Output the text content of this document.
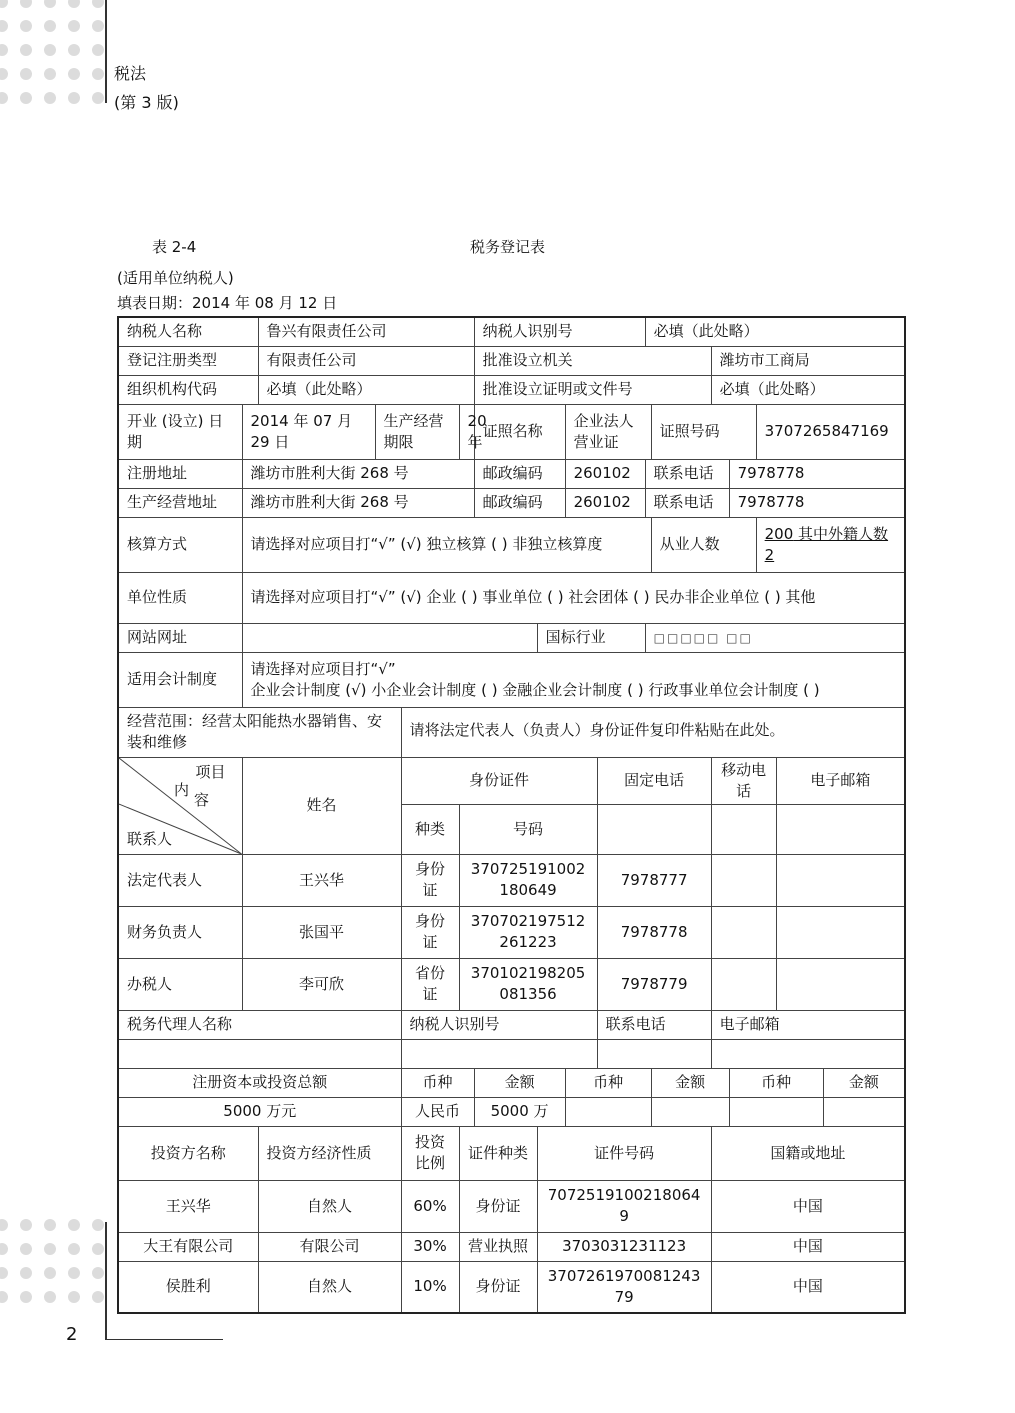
税法
(第 3 版)
表 2-4	税务登记表
(适用单位纳税人)
填表日期：2014 年 08 月 12 日
纳税人名称		鲁兴有限责任公司				纳税人识别号				必填（此处略）						
登记注册类型		有限责任公司				批准设立机关						潍坊市工商局				
组织机构代码		必填（此处略）				批准设立证明或文件号						必填（此处略）				
开业 (设立) 日期	2014 年 07 月 29 日		生产经营期限		20 年	证照名称		企业法人营业证			证照号码			3707265847169		
注册地址	潍坊市胜利大街 268 号					邮政编码		260102		联系电话			7978778			
生产经营地址	潍坊市胜利大街 268 号					邮政编码		260102		联系电话			7978778			
核算方式	请选择对应项目打“√” (√) 独立核算 ( ) 非独立核算度										从业人数			200 其中外籍人数 2		
单位性质	请选择对应项目打“√” (√) 企业 ( ) 事业单位 ( ) 社会团体 ( ) 民办非企业单位 ( ) 其他															
网站网址							国标行业			□□□□□ □□						
适用会计制度	请选择对应项目打“√”
企业会计制度 (√) 小企业会计制度 ( ) 金融企业会计制度 ( ) 行政事业单位会计制度 ( )															

经营范围：经营太阳能热水器销售、安装和维修				请将法定代表人（负责人）身份证件复印件粘贴在此处。												

项目
内
容
联系人	姓名			身份证件					固定电话			移动电话			电子邮箱	
				种类	号码											
法定代表人	王兴华			身份证	370725191002180649				7978777							
财务负责人	张国平			身份证	370702197512261223				7978778							
办税人	李可欣			省份证	370102198205081356				7978779							
税务代理人名称				纳税人识别号					联系电话			电子邮箱				

注册资本或投资总额				币种		金额		币种			金额		币种			金额
5000 万元				人民币		5000 万										
投资方名称		投资方经济性质		投资比例	证件种类		证件号码					国籍或地址				
王兴华		自然人		60%	身份证		70725191002180649					中国				
大王有限公司		有限公司		30%	营业执照		3703031231123					中国				
侯胜利		自然人		10%	身份证		370726197008124379					中国				
2
